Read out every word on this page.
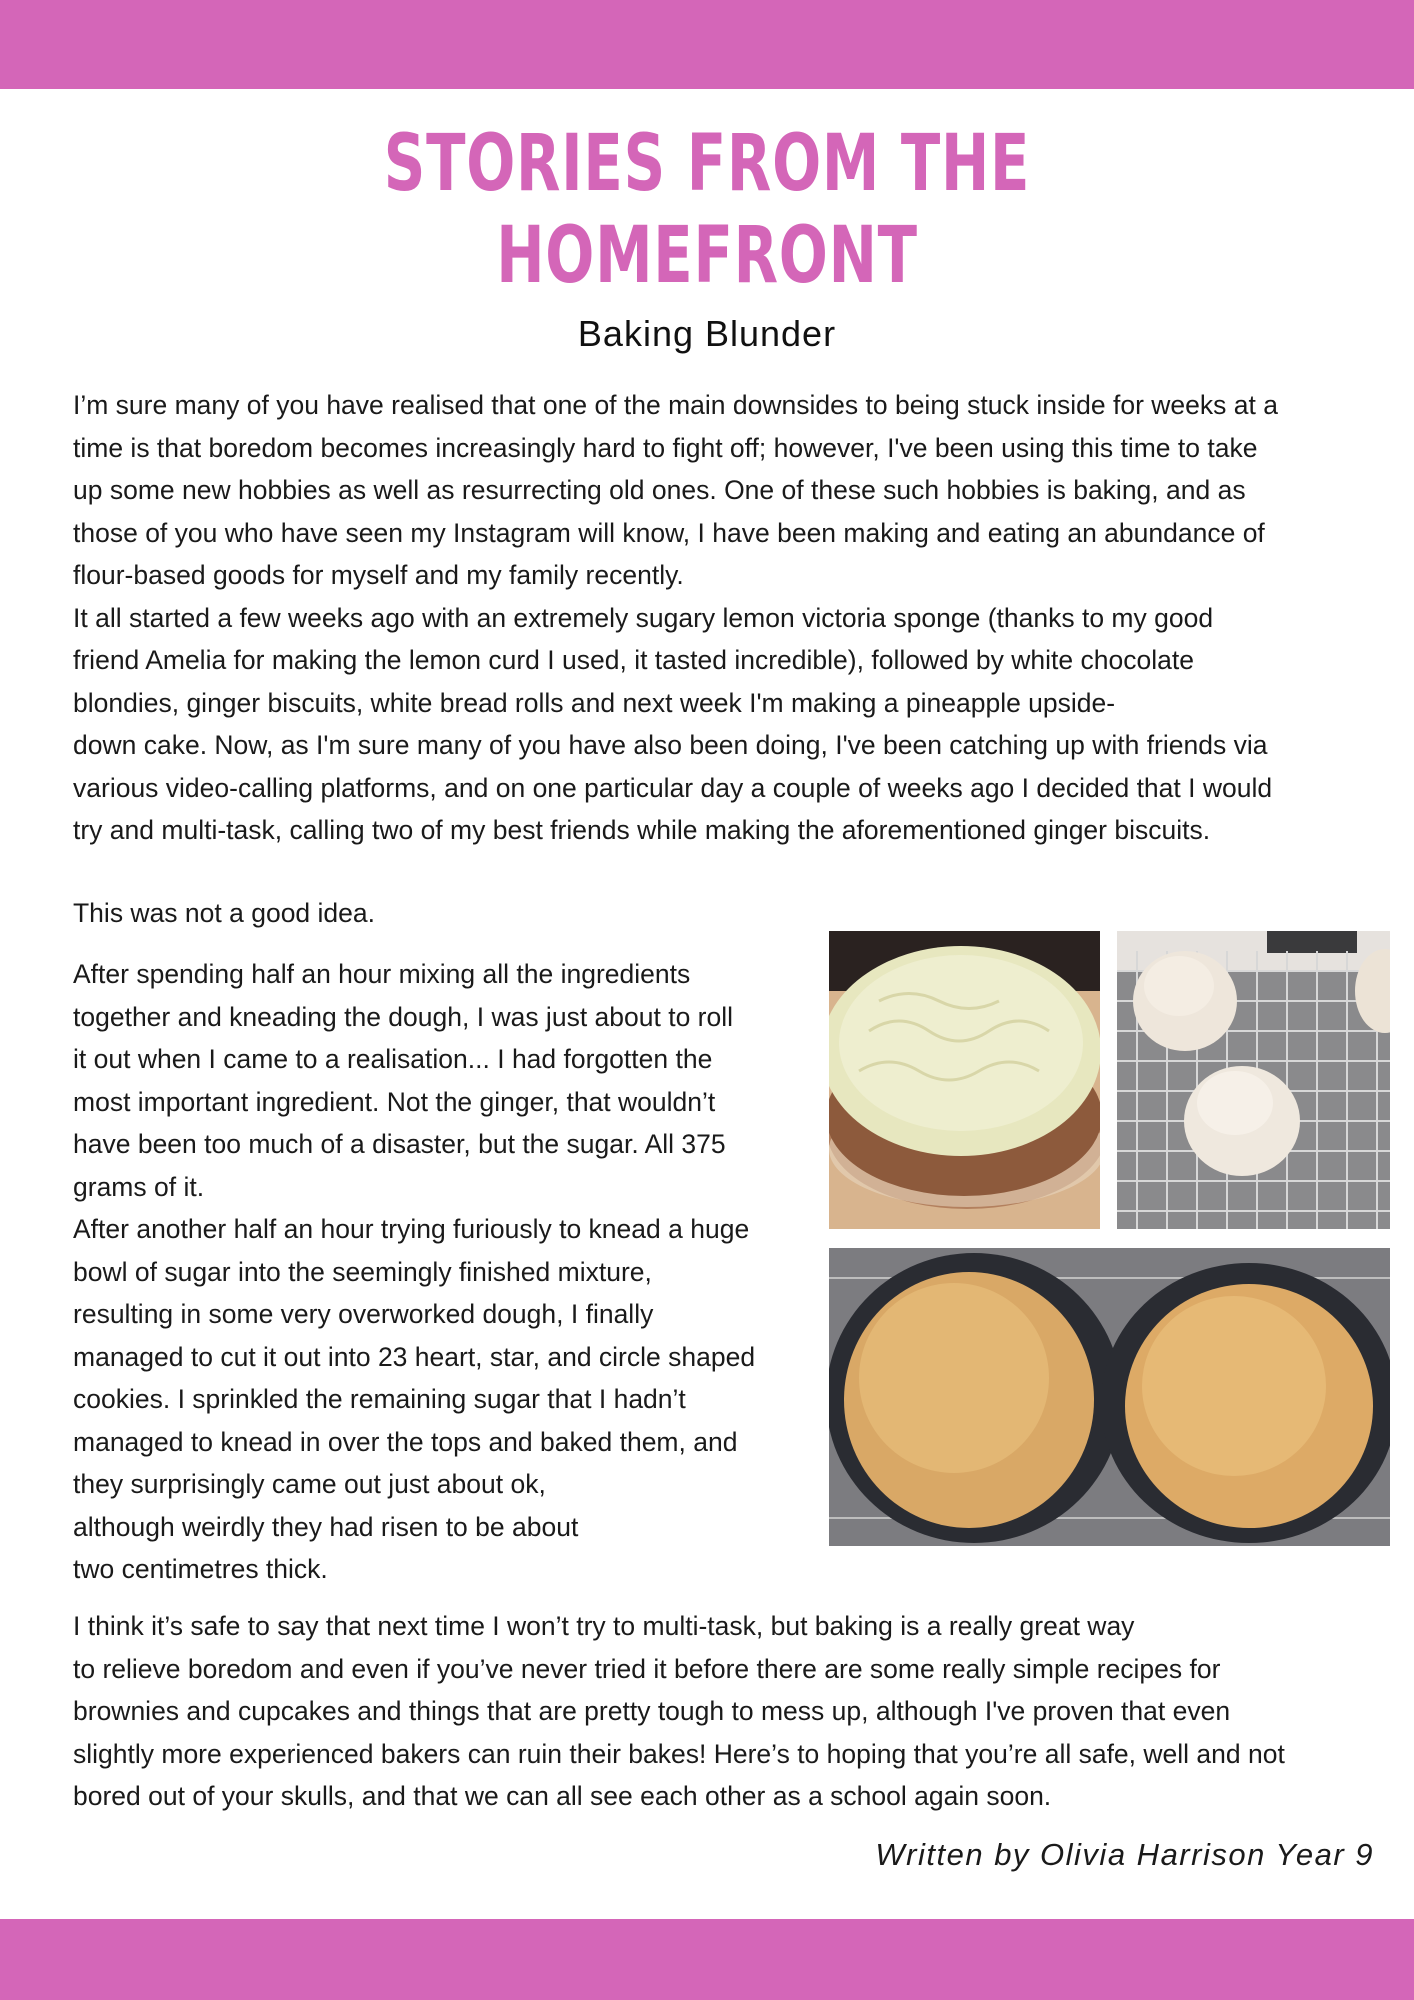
STORIES FROM THE
HOMEFRONT
Baking Blunder
I’m sure many of you have realised that one of the main downsides to being stuck inside for weeks at a
time is that boredom becomes increasingly hard to fight off; however, I've been using this time to take
up some new hobbies as well as resurrecting old ones. One of these such hobbies is baking, and as
those of you who have seen my Instagram will know, I have been making and eating an abundance of
flour-based goods for myself and my family recently.
It all started a few weeks ago with an extremely sugary lemon victoria sponge (thanks to my good
friend Amelia for making the lemon curd I used, it tasted incredible), followed by white chocolate
blondies, ginger biscuits, white bread rolls and next week I'm making a pineapple upside-
down cake. Now, as I'm sure many of you have also been doing, I've been catching up with friends via
various video-calling platforms, and on one particular day a couple of weeks ago I decided that I would
try and multi-task, calling two of my best friends while making the aforementioned ginger biscuits.
This was not a good idea.
After spending half an hour mixing all the ingredients
together and kneading the dough, I was just about to roll
it out when I came to a realisation... I had forgotten the
most important ingredient. Not the ginger, that wouldn’t
have been too much of a disaster, but the sugar. All 375
grams of it.
After another half an hour trying furiously to knead a huge
bowl of sugar into the seemingly finished mixture,
resulting in some very overworked dough, I finally
managed to cut it out into 23 heart, star, and circle shaped
cookies. I sprinkled the remaining sugar that I hadn’t
managed to knead in over the tops and baked them, and
they surprisingly came out just about ok,
although weirdly they had risen to be about
two centimetres thick.
I think it’s safe to say that next time I won’t try to multi-task, but baking is a really great way
to relieve boredom and even if you’ve never tried it before there are some really simple recipes for
brownies and cupcakes and things that are pretty tough to mess up, although I've proven that even
slightly more experienced bakers can ruin their bakes! Here’s to hoping that you’re all safe, well and not
bored out of your skulls, and that we can all see each other as a school again soon.
Written by Olivia Harrison Year 9
